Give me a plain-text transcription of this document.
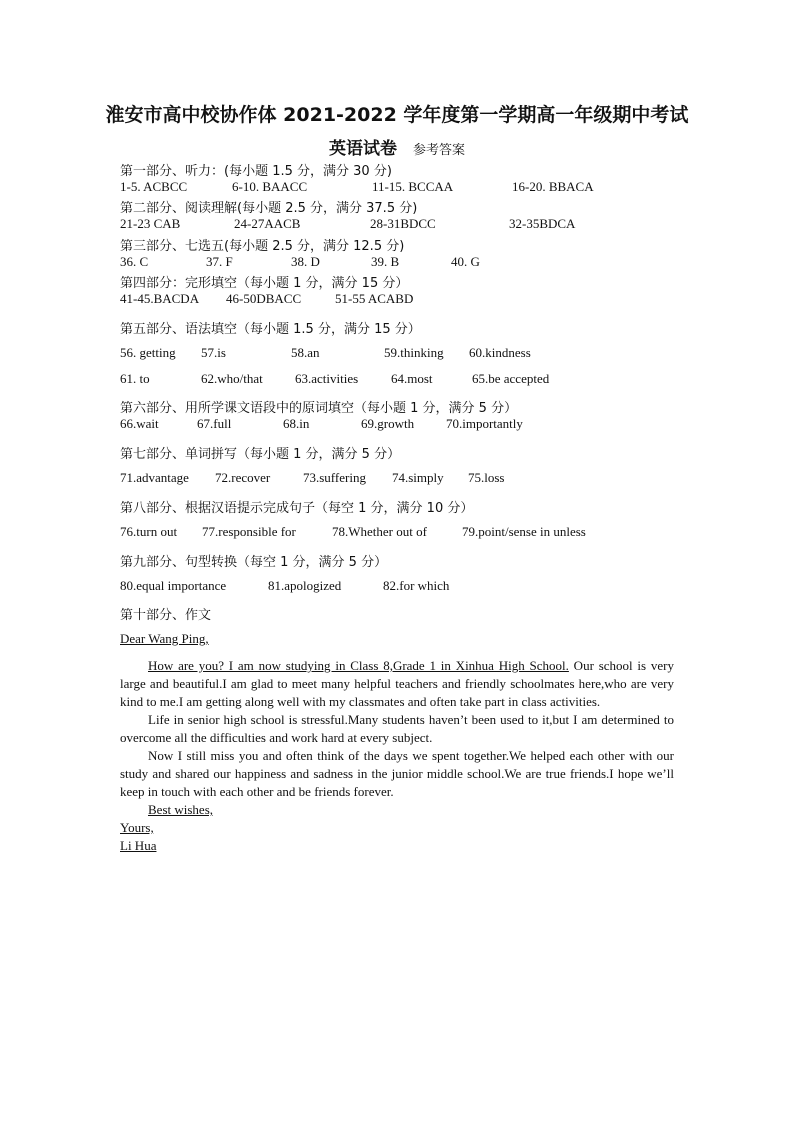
淮安市高中校协作体 2021-2022 学年度第一学期高一年级期中考试
英语试卷 参考答案
第一部分、听力：(每小题 1.5 分，满分 30 分)
1-5. ACBCC	6-10. BAACC	11-15. BCCAA	16-20. BBACA
第二部分、阅读理解(每小题 2.5 分，满分 37.5 分)
21-23 CAB	24-27AACB	28-31BDCC	32-35BDCA
第三部分、七选五(每小题 2.5 分，满分 12.5 分)
36. C	37. F	38. D	39. B	40. G
第四部分：完形填空（每小题 1 分，满分 15 分）
41-45.BACDA 46-50DBACC	51-55 ACABD
第五部分、语法填空（每小题 1.5 分，满分 15 分）
56. getting 57.is	58.an	59.thinking 60.kindness
61. to	62.who/that 63.activities	64.most	65.be accepted
第六部分、用所学课文语段中的原词填空（每小题 1 分，满分 5 分）
66.wait	67.full	68.in	69.growth 70.importantly
第七部分、单词拼写（每小题 1 分，满分 5 分）
71.advantage 72.recover	73.suffering 74.simply 75.loss
第八部分、根据汉语提示完成句子（每空 1 分，满分 10 分）
76.turn out 77.responsible for	78.Whether out of	79.point/sense in unless
第九部分、句型转换（每空 1 分，满分 5 分）
80.equal importance	81.apologized	82.for which
第十部分、作文

Dear Wang Ping,

How are you? I am now studying in Class 8,Grade 1 in Xinhua High School. Our school is very large and beautiful.I am glad to meet many helpful teachers and friendly schoolmates here,who are very kind to me.I am getting along well with my classmates and often take part in class activities.

Life in senior high school is stressful.Many students haven’t been used to it,but I am determined to overcome all the difficulties and work hard at every subject.

Now I still miss you and often think of the days we spent together.We helped each other with our study and shared our happiness and sadness in the junior middle school.We are true friends.I hope we’ll keep in touch with each other and be friends forever.

Best wishes,

Yours,

Li Hua
